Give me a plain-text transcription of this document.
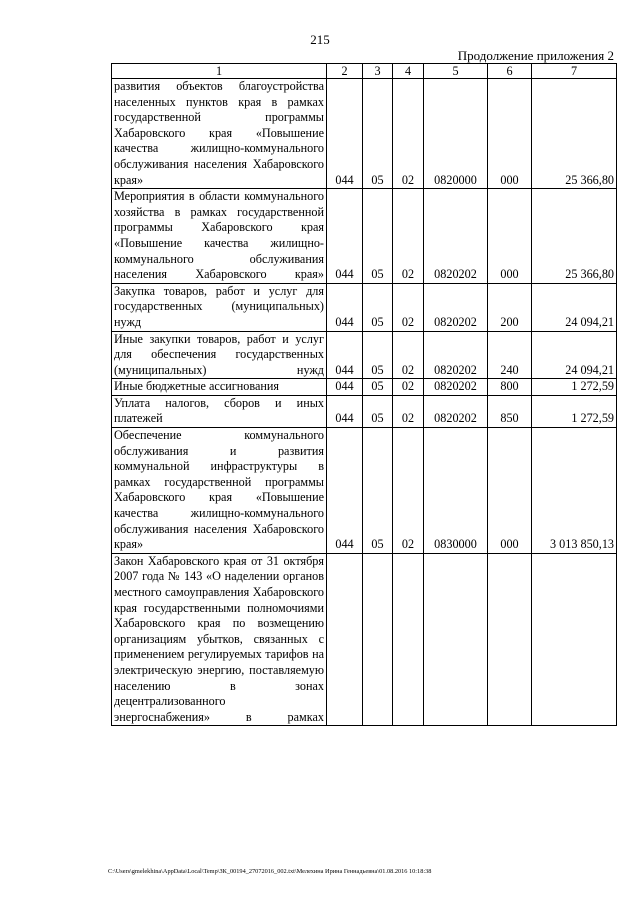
215
Продолжение приложения 2
1	2	3	4	5	6	7
развития объектов благоустройства населенных пунктов края в рамках государственной программы Хабаровского края «Повышение качества жилищно-коммунального обслуживания населения Хабаровского края»	044	05	02	0820000	000	25 366,80
Мероприятия в области коммунального хозяйства в рамках государственной программы Хабаровского края «Повышение качества жилищно-коммунального обслуживания населения Хабаровского края»	044	05	02	0820202	000	25 366,80
Закупка товаров, работ и услуг для государственных (муниципальных) нужд	044	05	02	0820202	200	24 094,21
Иные закупки товаров, работ и услуг для обеспечения государственных (муниципальных) нужд	044	05	02	0820202	240	24 094,21
Иные бюджетные ассигнования	044	05	02	0820202	800	1 272,59
Уплата налогов, сборов и иных платежей	044	05	02	0820202	850	1 272,59
Обеспечение коммунального обслуживания и развития коммунальной инфраструктуры в рамках государственной программы Хабаровского края «Повышение качества жилищно-коммунального обслуживания населения Хабаровского края»	044	05	02	0830000	000	3 013 850,13
Закон Хабаровского края от 31 октября 2007 года № 143 «О наделении органов местного самоуправления Хабаровского края государственными полномочиями Хабаровского края по возмещению организациям убытков, связанных с применением регулируемых тарифов на электрическую энергию, поставляемую населению в зонах децентрализованного энергоснабжения» в рамках						
C:\Users\gmelekhina\AppData\Local\Temp\ЗК_00194_27072016_002.txt\Мелехина Ирина Геннадьевна\01.08.2016 10:18:38
